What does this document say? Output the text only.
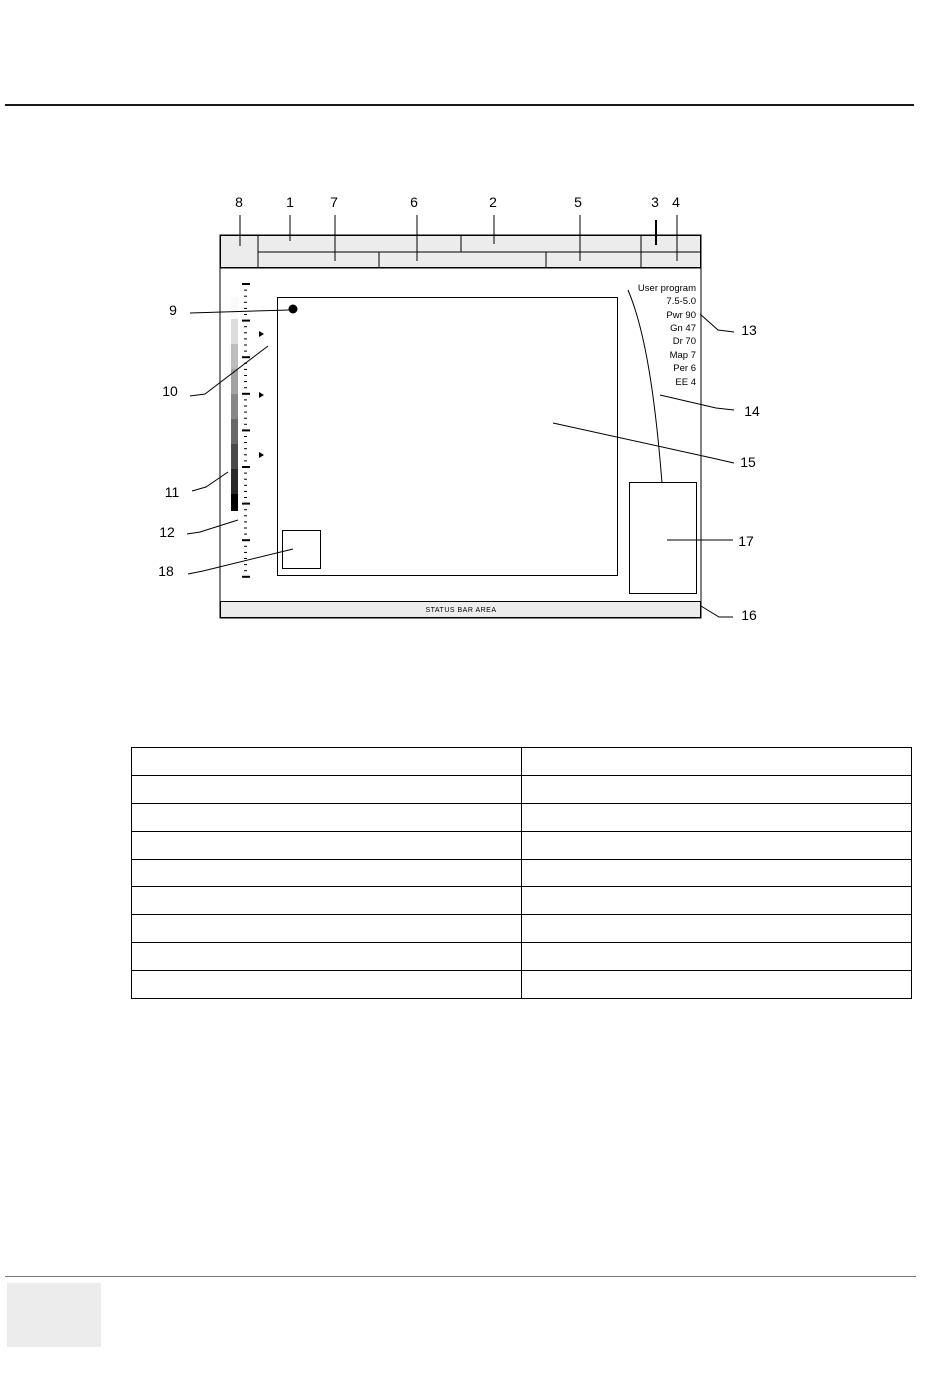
STATUS BAR AREA
User program
7.5-5.0
Pwr 90
Gn 47
Dr 70
Map 7
Per 6
EE 4
8	1	7	6	2	5	3 4
9
10
11
12
18
13
14
15
17
16
